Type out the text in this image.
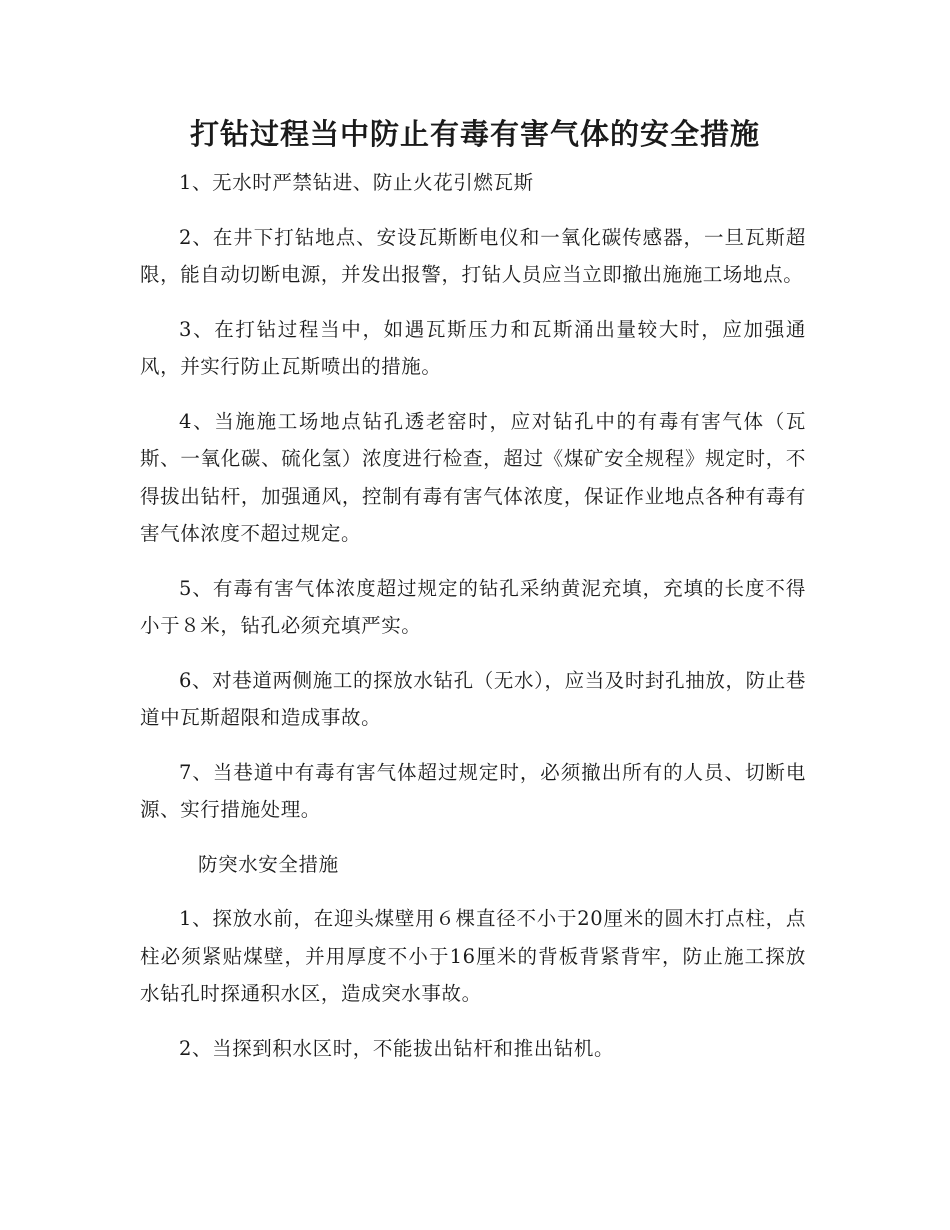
打钻过程当中防止有毒有害气体的安全措施

1、无水时严禁钻进、防止火花引燃瓦斯

2、在井下打钻地点、安设瓦斯断电仪和一氧化碳传感器，一旦瓦斯超限，能自动切断电源，并发出报警，打钻人员应当立即撤出施施工场地点。

3、在打钻过程当中，如遇瓦斯压力和瓦斯涌出量较大时，应加强通风，并实行防止瓦斯喷出的措施。

4、当施施工场地点钻孔透老窑时，应对钻孔中的有毒有害气体（瓦斯、一氧化碳、硫化氢）浓度进行检查，超过《煤矿安全规程》规定时，不得拔出钻杆，加强通风，控制有毒有害气体浓度，保证作业地点各种有毒有害气体浓度不超过规定。

5、有毒有害气体浓度超过规定的钻孔采纳黄泥充填，充填的长度不得小于８米，钻孔必须充填严实。

6、对巷道两侧施工的探放水钻孔（无水），应当及时封孔抽放，防止巷道中瓦斯超限和造成事故。

7、当巷道中有毒有害气体超过规定时，必须撤出所有的人员、切断电源、实行措施处理。

防突水安全措施

1、探放水前，在迎头煤壁用６棵直径不小于20厘米的圆木打点柱，点柱必须紧贴煤壁，并用厚度不小于16厘米的背板背紧背牢，防止施工探放水钻孔时探通积水区，造成突水事故。

2、当探到积水区时，不能拔出钻杆和推出钻机。
